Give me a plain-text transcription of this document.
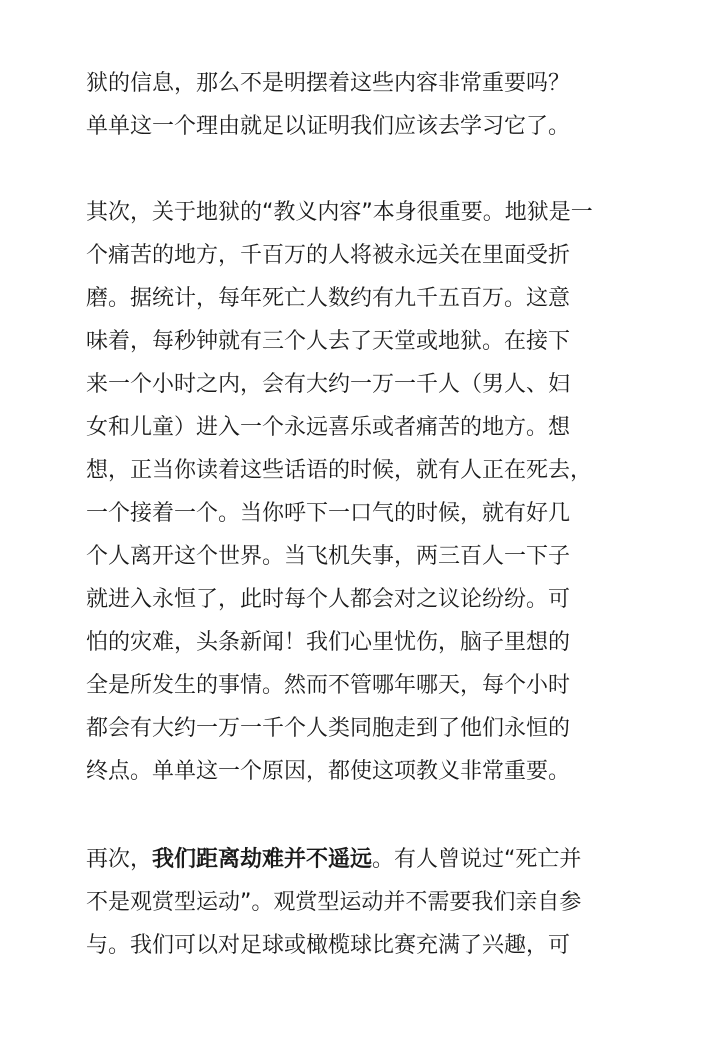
狱的信息，那么不是明摆着这些内容非常重要吗？
单单这一个理由就足以证明我们应该去学习它了。
其次，关于地狱的“教义内容”本身很重要。地狱是一
个痛苦的地方，千百万的人将被永远关在里面受折
磨。据统计，每年死亡人数约有九千五百万。这意
味着，每秒钟就有三个人去了天堂或地狱。在接下
来一个小时之内，会有大约一万一千人（男人、妇
女和儿童）进入一个永远喜乐或者痛苦的地方。想
想，正当你读着这些话语的时候，就有人正在死去，
一个接着一个。当你呼下一口气的时候，就有好几
个人离开这个世界。当飞机失事，两三百人一下子
就进入永恒了，此时每个人都会对之议论纷纷。可
怕的灾难，头条新闻！我们心里忧伤，脑子里想的
全是所发生的事情。然而不管哪年哪天，每个小时
都会有大约一万一千个人类同胞走到了他们永恒的
终点。单单这一个原因，都使这项教义非常重要。
再次，我们距离劫难并不遥远。有人曾说过“死亡并
不是观赏型运动”。观赏型运动并不需要我们亲自参
与。我们可以对足球或橄榄球比赛充满了兴趣，可
